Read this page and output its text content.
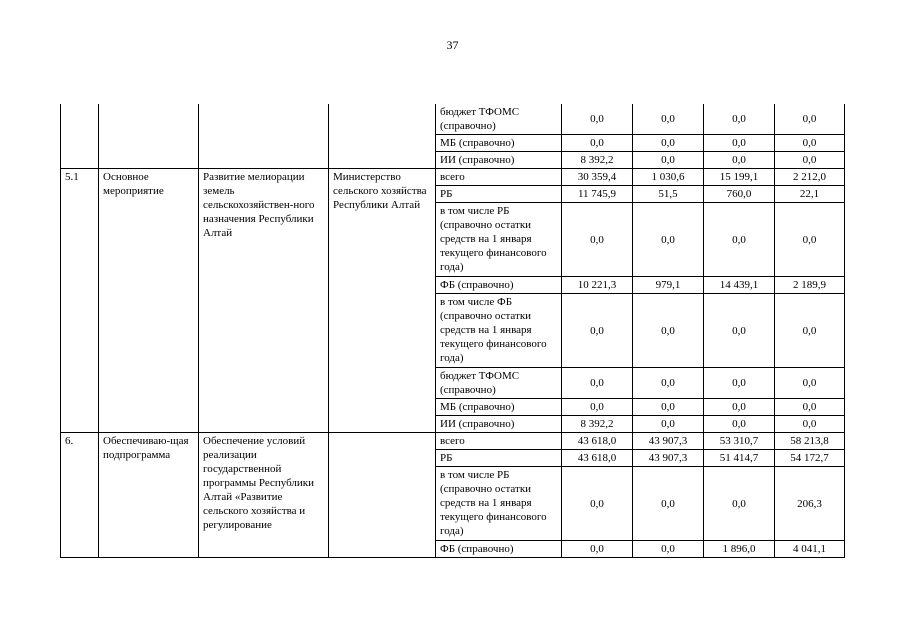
37
				бюджет ТФОМС (справочно)	0,0	0,0	0,0	0,0
				МБ (справочно)	0,0	0,0	0,0	0,0
				ИИ (справочно)	8 392,2	0,0	0,0	0,0
5.1	Основное мероприятие	Развитие мелиорации земель сельскохозяйствен-ного назначения Республики Алтай	Министерство сельского хозяйства Республики Алтай	всего	30 359,4	1 030,6	15 199,1	2 212,0
				РБ	11 745,9	51,5	760,0	22,1
				в том числе РБ (справочно остатки средств на 1 января текущего финансового года)	0,0	0,0	0,0	0,0
				ФБ (справочно)	10 221,3	979,1	14 439,1	2 189,9
				в том числе ФБ (справочно остатки средств на 1 января текущего финансового года)	0,0	0,0	0,0	0,0
				бюджет ТФОМС (справочно)	0,0	0,0	0,0	0,0
				МБ (справочно)	0,0	0,0	0,0	0,0
				ИИ (справочно)	8 392,2	0,0	0,0	0,0
6.	Обеспечиваю-щая подпрограмма	Обеспечение условий реализации государственной программы Республики Алтай «Развитие сельского хозяйства и регулирование		всего	43 618,0	43 907,3	53 310,7	58 213,8
				РБ	43 618,0	43 907,3	51 414,7	54 172,7
				в том числе РБ (справочно остатки средств на 1 января текущего финансового года)	0,0	0,0	0,0	206,3
				ФБ (справочно)	0,0	0,0	1 896,0	4 041,1
